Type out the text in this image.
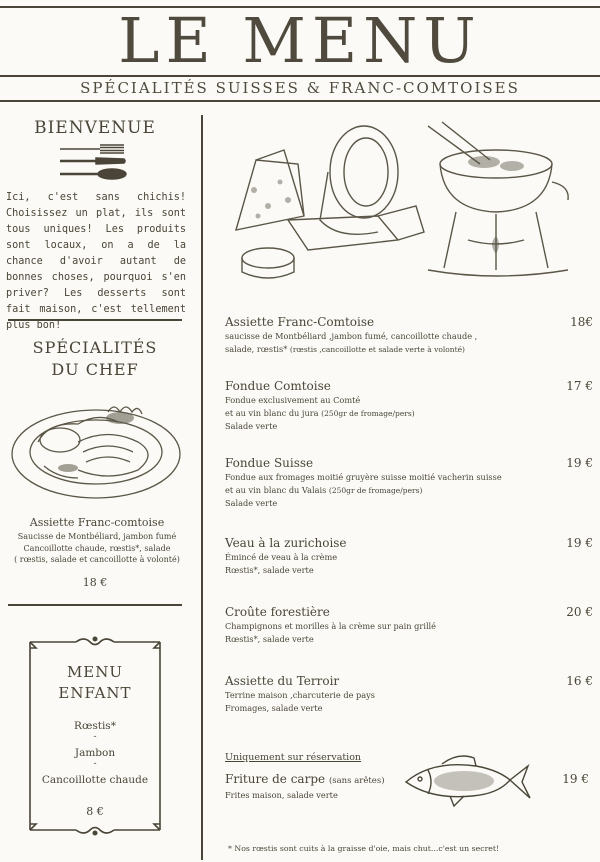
LE MENU
SPÉCIALITÉS SUISSES & FRANC-COMTOISES
BIENVENUE

Ici, c'est sans chichis! Choisissez un plat, ils sont tous uniques! Les produits sont locaux, on a de la chance d'avoir autant de bonnes choses, pourquoi s'en priver? Les desserts sont fait maison, c'est tellement plus bon!

SPÉCIALITÉS
DU CHEF
Assiette Franc-comtoise
Saucisse de Montbéliard, jambon fumé
Cancoillotte chaude, rœstis*, salade
( rœstis, salade et cancoillotte à volonté)
18 €
MENU
ENFANT
Rœstis*
-
Jambon
-
Cancoillotte chaude
8 €
Assiette Franc-Comtoise
saucisse de Montbéliard ,jambon fumé, cancoillotte chaude ,
salade, rœstis* (rœstis ,cancoillotte et salade verte à volonté)
18€
Fondue Comtoise
Fondue exclusivement au Comté
et au vin blanc du jura (250gr de fromage/pers)
Salade verte
17 €
Fondue Suisse
Fondue aux fromages moitié gruyère suisse moitié vacherin suisse
et au vin blanc du Valais (250gr de fromage/pers)
Salade verte
19 €
Veau à la zurichoise
Émincé de veau à la crème
Rœstis*, salade verte
19 €
Croûte forestière
Champignons et morilles à la crème sur pain grillé
Rœstis*, salade verte
20 €
Assiette du Terroir
Terrine maison ,charcuterie de pays
Fromages, salade verte
16 €
Uniquement sur réservation
Friture de carpe (sans arêtes)
Frites maison, salade verte
19 €
* Nos rœstis sont cuits à la graisse d'oie, mais chut...c'est un secret!
